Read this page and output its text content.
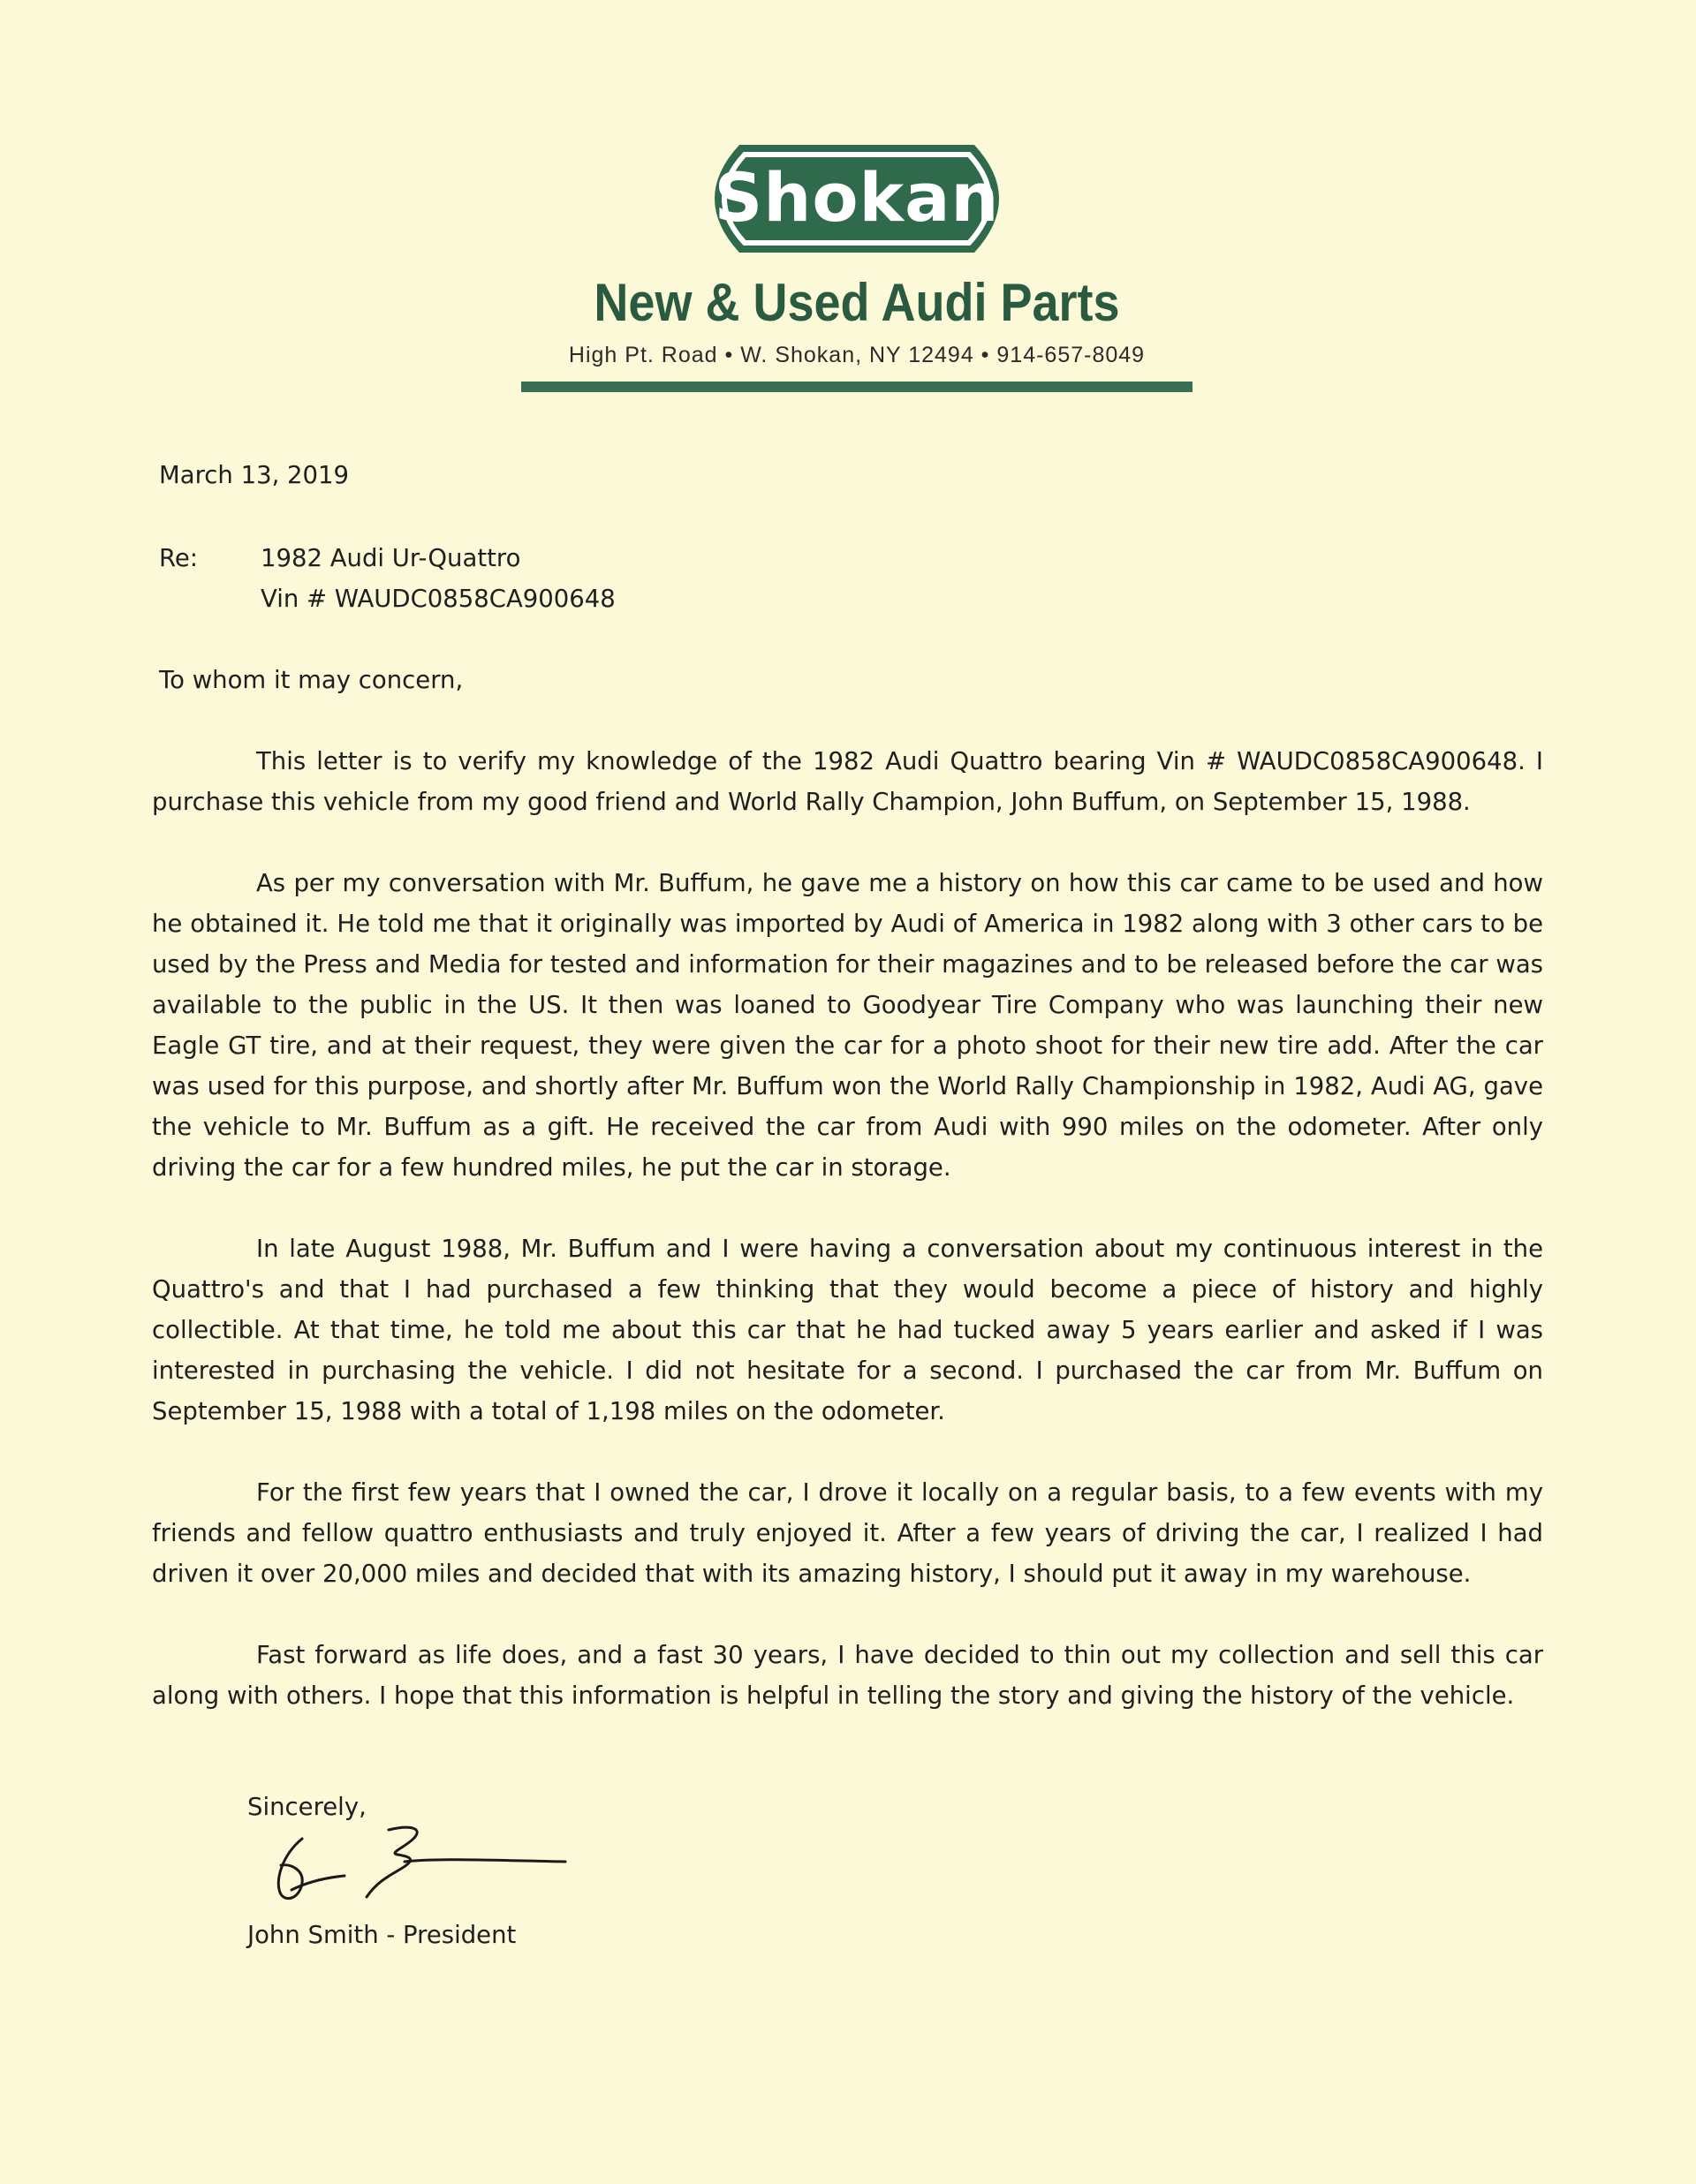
Shokan
New & Used Audi Parts
High Pt. Road • W. Shokan, NY 12494 • 914-657-8049
March 13, 2019
Re:	1982 Audi Ur-Quattro
Vin # WAUDC0858CA900648
To whom it may concern,

This letter is to verify my knowledge of the 1982 Audi Quattro bearing Vin # WAUDC0858CA900648. I purchase this vehicle from my good friend and World Rally Champion, John Buffum, on September 15, 1988.

As per my conversation with Mr. Buffum, he gave me a history on how this car came to be used and how he obtained it. He told me that it originally was imported by Audi of America in 1982 along with 3 other cars to be used by the Press and Media for tested and information for their magazines and to be released before the car was available to the public in the US. It then was loaned to Goodyear Tire Company who was launching their new Eagle GT tire, and at their request, they were given the car for a photo shoot for their new tire add. After the car was used for this purpose, and shortly after Mr. Buffum won the World Rally Championship in 1982, Audi AG, gave the vehicle to Mr. Buffum as a gift. He received the car from Audi with 990 miles on the odometer. After only driving the car for a few hundred miles, he put the car in storage.

In late August 1988, Mr. Buffum and I were having a conversation about my continuous interest in the Quattro's and that I had purchased a few thinking that they would become a piece of history and highly collectible. At that time, he told me about this car that he had tucked away 5 years earlier and asked if I was interested in purchasing the vehicle. I did not hesitate for a second. I purchased the car from Mr. Buffum on September 15, 1988 with a total of 1,198 miles on the odometer.

For the first few years that I owned the car, I drove it locally on a regular basis, to a few events with my friends and fellow quattro enthusiasts and truly enjoyed it. After a few years of driving the car, I realized I had driven it over 20,000 miles and decided that with its amazing history, I should put it away in my warehouse.

Fast forward as life does, and a fast 30 years, I have decided to thin out my collection and sell this car along with others. I hope that this information is helpful in telling the story and giving the history of the vehicle.

Sincerely,
John Smith - President
